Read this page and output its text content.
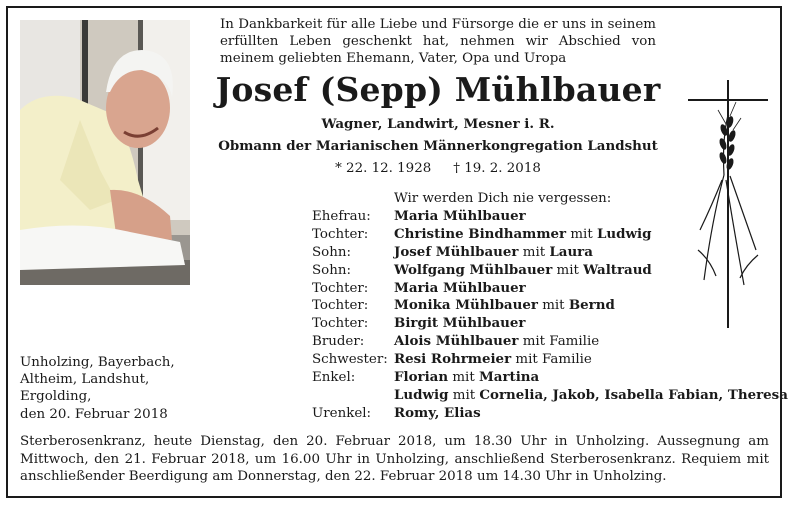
In Dankbarkeit für alle Liebe und Fürsorge die er uns in seinem
erfüllten Leben geschenkt hat, nehmen wir Abschied von
meinem geliebten Ehemann, Vater, Opa und Uropa
Josef (Sepp) Mühlbauer
Wagner, Landwirt, Mesner i. R.
Obmann der Marianischen Männerkongregation Landshut
* 22. 12. 1928 † 19. 2. 2018
Wir werden Dich nie vergessen:
Ehefrau: Maria Mühlbauer
Tochter: Christine Bindhammer mit Ludwig
Sohn:	Josef Mühlbauer mit Laura
Sohn:	Wolfgang Mühlbauer mit Waltraud
Tochter: Maria Mühlbauer
Tochter: Monika Mühlbauer mit Bernd
Tochter: Birgit Mühlbauer
Bruder: Alois Mühlbauer mit Familie
Schwester: Resi Rohrmeier mit Familie
Enkel:	Florian mit Martina
Ludwig mit Cornelia, Jakob, Isabella Fabian, Theresa
Urenkel: Romy, Elias
Unholzing, Bayerbach,
Altheim, Landshut,
Ergolding,
den 20. Februar 2018
Sterberosenkranz, heute Dienstag, den 20. Februar 2018, um 18.30 Uhr in Unholzing. Aussegnung am
Mittwoch, den 21. Februar 2018, um 16.00 Uhr in Unholzing, anschließend Sterberosenkranz. Requiem mit
anschließender Beerdigung am Donnerstag, den 22. Februar 2018 um 14.30 Uhr in Unholzing.
